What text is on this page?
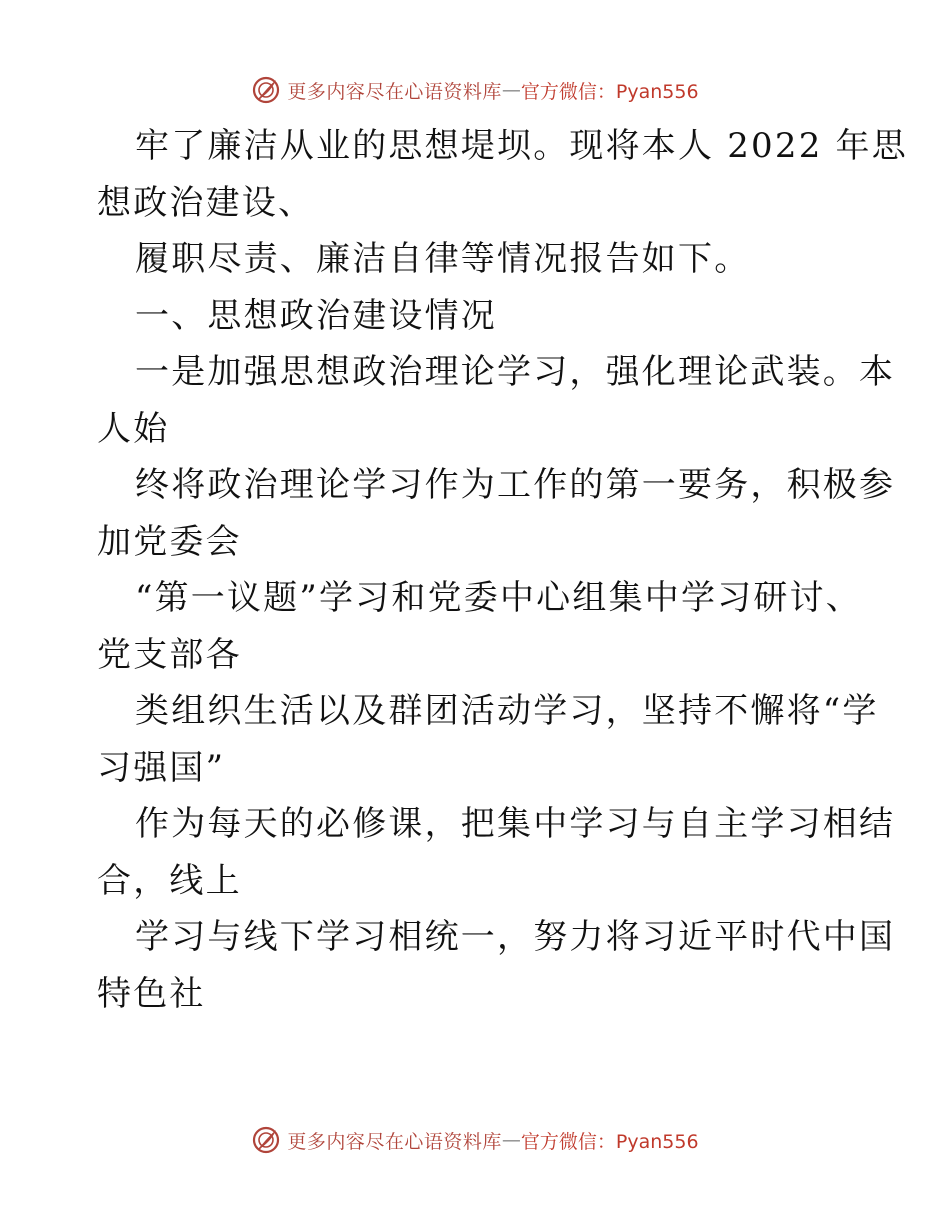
更多内容尽在心语资料库 — 官方微信：Pyan556
牢了廉洁从业的思想堤坝。现将本人 2022 年思
想政治建设、
履职尽责、廉洁自律等情况报告如下。
一、思想政治建设情况
一是加强思想政治理论学习，强化理论武装。本
人始
终将政治理论学习作为工作的第一要务，积极参
加党委会
“第一议题”学习和党委中心组集中学习研讨、
党支部各
类组织生活以及群团活动学习，坚持不懈将“学
习强国”
作为每天的必修课，把集中学习与自主学习相结
合，线上
学习与线下学习相统一，努力将习近平时代中国
特色社
更多内容尽在心语资料库 — 官方微信：Pyan556
